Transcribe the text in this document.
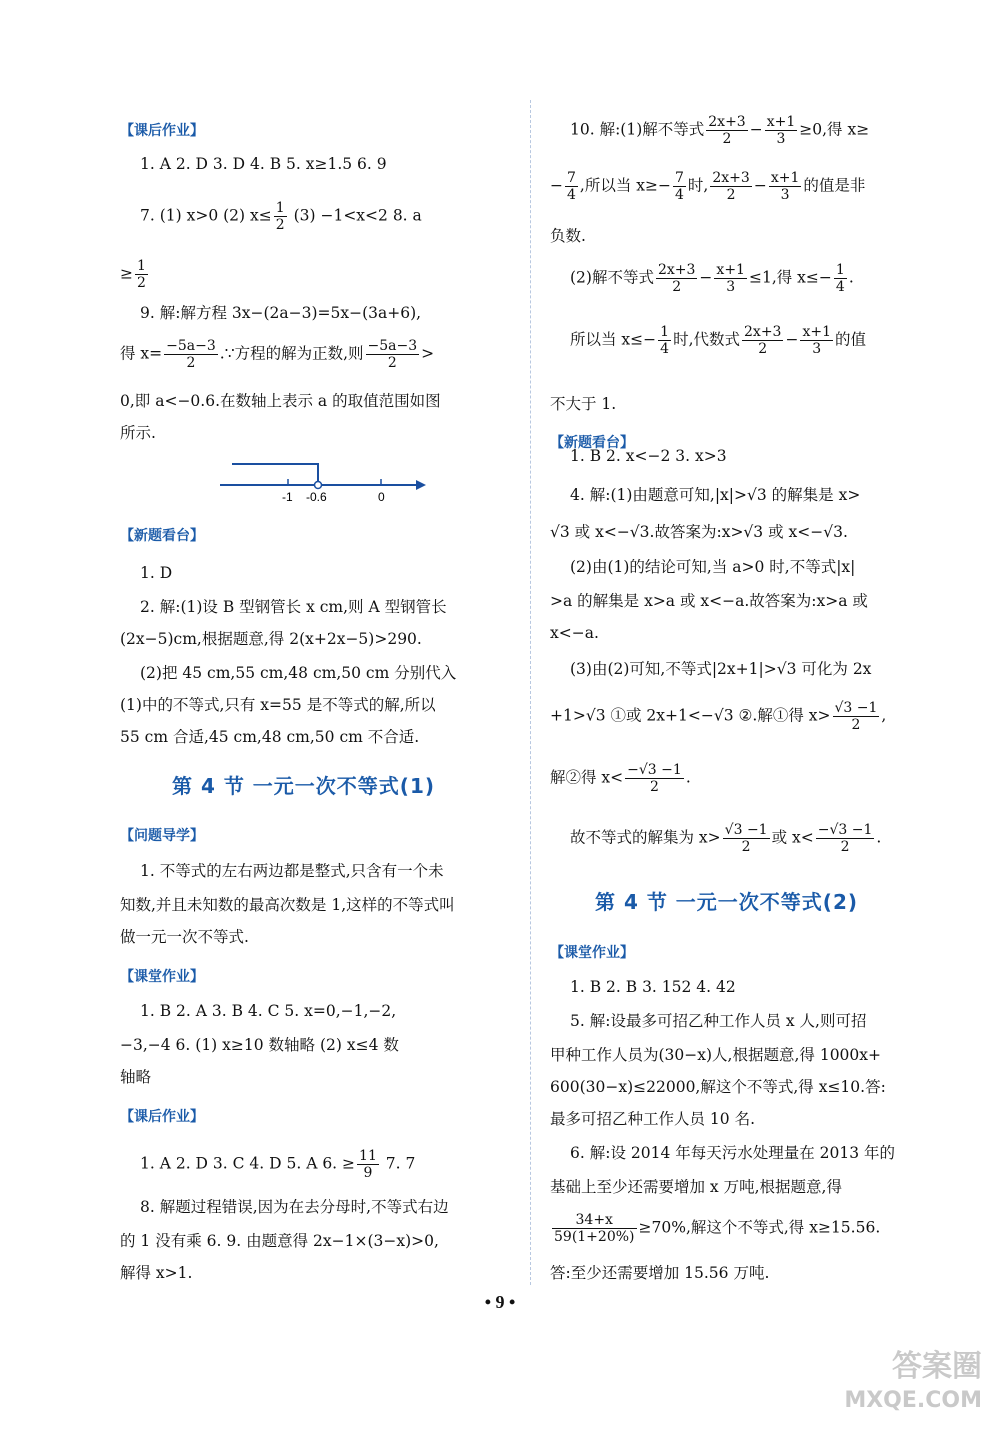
【课后作业】
1. A 2. D 3. D 4. B 5. x≥1.5 6. 9
7. (1) x>0 (2) $x\le \frac{1}{2} (3) -1<x<2$ 8. a
≥ $\frac{1}{2}$
9. 解:解方程 3x−(2a−3)=5x−(3a+6),
得 $x= \frac{-5a-3}{2}$ .∵方程的解为正数,则 $\frac{-5a-3}{2}$ >
0,即 a<−0.6.在数轴上表示 a 的取值范围如图
所示.
【新题看台】
1. D
2. 解:(1)设 B 型钢管长 x cm,则 A 型钢管长
(2x−5)cm,根据题意,得 2(x+2x−5)>290.
(2)把 45 cm,55 cm,48 cm,50 cm 分别代入
(1)中的不等式,只有 x=55 是不等式的解,所以
55 cm 合适,45 cm,48 cm,50 cm 不合适.
第 4 节 一元一次不等式(1)
【问题导学】
1. 不等式的左右两边都是整式,只含有一个未
知数,并且未知数的最高次数是 1,这样的不等式叫
做一元一次不等式.
【课堂作业】
1. B 2. A 3. B 4. C 5. x=0,−1,−2,
−3,−4 6. (1) x≥10 数轴略 (2) x≤4 数
轴略
【课后作业】
1. A 2. D 3. C 4. D 5. A 6. ≥ $\frac{11}{9} 7$. 7
8. 解题过程错误,因为在去分母时,不等式右边
的 1 没有乘 6. 9. 由题意得 2x−1×(3−x)>0,
解得 x>1.
-1 -0.6	0
10. 解:(1)解不等式 $\frac{2x+3}{2} - \frac{x+1}{3} \ge 0$,得 x≥
− $\frac{7}{4}$ ,所以当 $x\ge- \frac{7}{4}$ 时, $\frac{2x+3}{2} - \frac{x+1}{3}$ 的值是非
负数.
(2)解不等式 $\frac{2x+3}{2} - \frac{x+1}{3} \le 1$,得 $x\le- \frac{1}{4}$ .
所以当 $x\le- \frac{1}{4}$ 时,代数式 $\frac{2x+3}{2} - \frac{x+1}{3}$ 的值
不大于 1.
【新题看台】
1. B 2. x<−2 3. x>3
4. 解:(1)由题意可知,|x|>√3 的解集是 x>
√3 或 x<−√3.故答案为:x>√3 或 x<−√3.
(2)由(1)的结论可知,当 a>0 时,不等式|x|
>a 的解集是 x>a 或 x<−a.故答案为:x>a 或
x<−a.
(3)由(2)可知,不等式|2x+1|>√3 可化为 2x
+1>√3 ①或 2x+1<−√3 ②.解①得 $x> \frac{√3 -1}{2}$ ,
解②得 $x< \frac{-√3 -1}{2}$ .
故不等式的解集为 $x> \frac{√3 -1}{2}$ 或 $x< \frac{-√3 -1}{2}$ .
第 4 节 一元一次不等式(2)
【课堂作业】
1. B 2. B 3. 152 4. 42
5. 解:设最多可招乙种工作人员 x 人,则可招
甲种工作人员为(30−x)人,根据题意,得 1000x+
600(30−x)≤22000,解这个不等式,得 x≤10.答:
最多可招乙种工作人员 10 名.
6. 解:设 2014 年每天污水处理量在 2013 年的
基础上至少还需要增加 x 万吨,根据题意,得
$\frac{34+x}{59(1+20\%)} \ge 70\%$,解这个不等式,得 x≥15.56.
答:至少还需要增加 15.56 万吨.
• 9 •
答案圈
MXQE.COM
